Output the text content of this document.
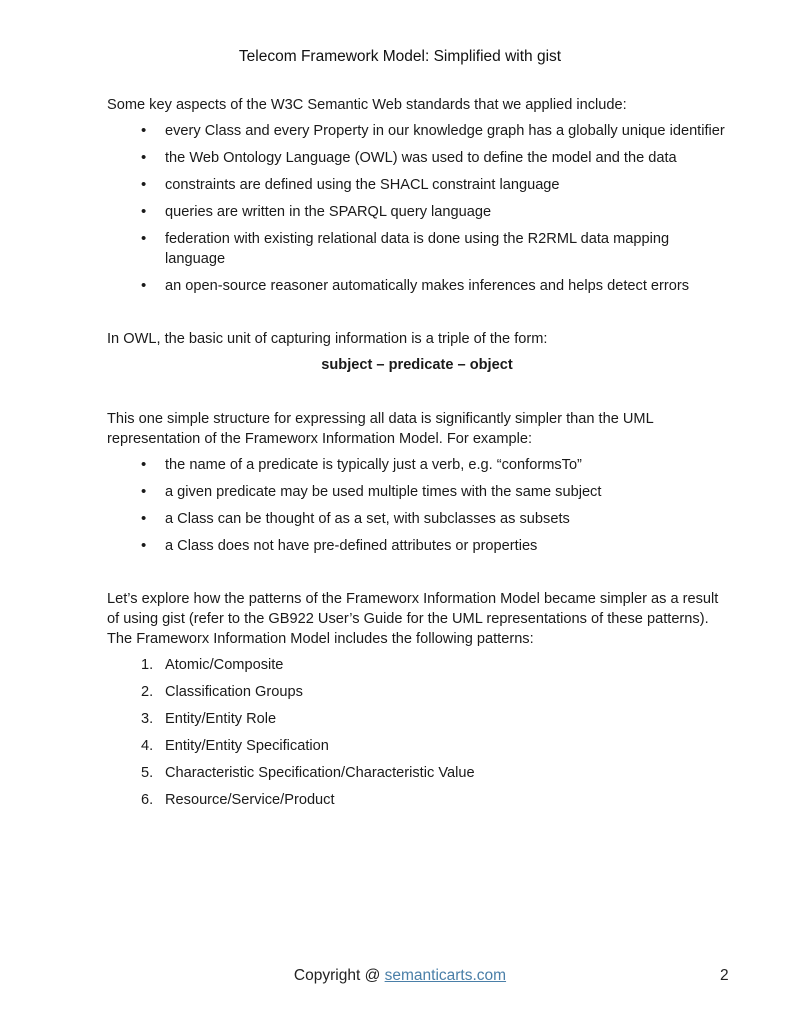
Telecom Framework Model: Simplified with gist

Some key aspects of the W3C Semantic Web standards that we applied include:

• every Class and every Property in our knowledge graph has a globally unique identifier
• the Web Ontology Language (OWL) was used to define the model and the data
• constraints are defined using the SHACL constraint language
• queries are written in the SPARQL query language
• federation with existing relational data is done using the R2RML data mapping language
• an open-source reasoner automatically makes inferences and helps detect errors

In OWL, the basic unit of capturing information is a triple of the form:

subject – predicate – object

This one simple structure for expressing all data is significantly simpler than the UML representation of the Frameworx Information Model. For example:

• the name of a predicate is typically just a verb, e.g. “conformsTo”
• a given predicate may be used multiple times with the same subject
• a Class can be thought of as a set, with subclasses as subsets
• a Class does not have pre-defined attributes or properties

Let’s explore how the patterns of the Frameworx Information Model became simpler as a result of using gist (refer to the GB922 User’s Guide for the UML representations of these patterns). The Frameworx Information Model includes the following patterns:

1. Atomic/Composite
2. Classification Groups
3. Entity/Entity Role
4. Entity/Entity Specification
5. Characteristic Specification/Characteristic Value
6. Resource/Service/Product
Copyright @ semanticarts.com	2
